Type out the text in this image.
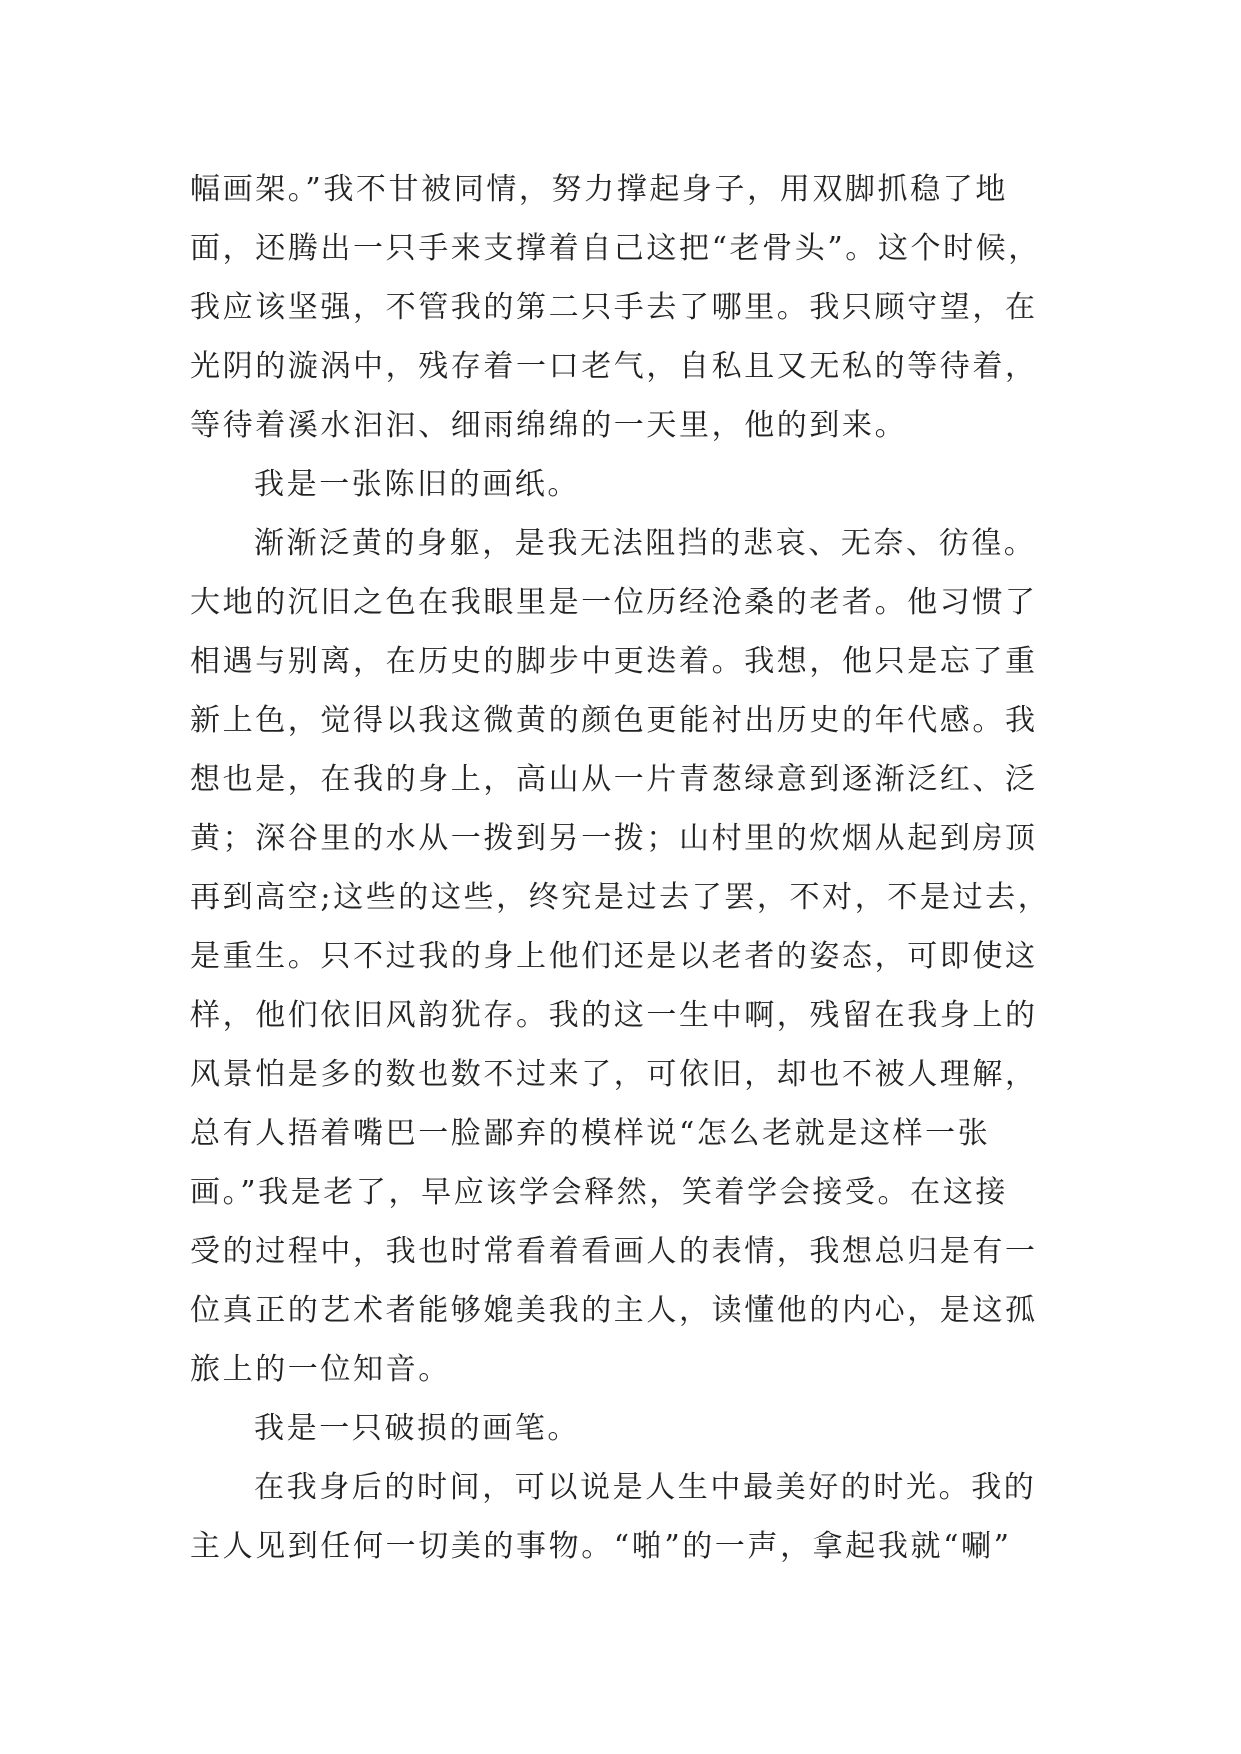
幅画架。”我不甘被同情，努力撑起身子，用双脚抓稳了地
面，还腾出一只手来支撑着自己这把“老骨头”。这个时候，
我应该坚强，不管我的第二只手去了哪里。我只顾守望，在
光阴的漩涡中，残存着一口老气，自私且又无私的等待着，
等待着溪水汩汩、细雨绵绵的一天里，他的到来。
我是一张陈旧的画纸。
渐渐泛黄的身躯，是我无法阻挡的悲哀、无奈、彷徨。
大地的沉旧之色在我眼里是一位历经沧桑的老者。他习惯了
相遇与别离，在历史的脚步中更迭着。我想，他只是忘了重
新上色，觉得以我这微黄的颜色更能衬出历史的年代感。我
想也是，在我的身上，高山从一片青葱绿意到逐渐泛红、泛
黄；深谷里的水从一拨到另一拨；山村里的炊烟从起到房顶
再到高空;这些的这些，终究是过去了罢，不对，不是过去，
是重生。只不过我的身上他们还是以老者的姿态，可即使这
样，他们依旧风韵犹存。我的这一生中啊，残留在我身上的
风景怕是多的数也数不过来了，可依旧，却也不被人理解，
总有人捂着嘴巴一脸鄙弃的模样说“怎么老就是这样一张
画。”我是老了，早应该学会释然，笑着学会接受。在这接
受的过程中，我也时常看着看画人的表情，我想总归是有一
位真正的艺术者能够媲美我的主人，读懂他的内心，是这孤
旅上的一位知音。
我是一只破损的画笔。
在我身后的时间，可以说是人生中最美好的时光。我的
主人见到任何一切美的事物。“啪”的一声，拿起我就“唰”
